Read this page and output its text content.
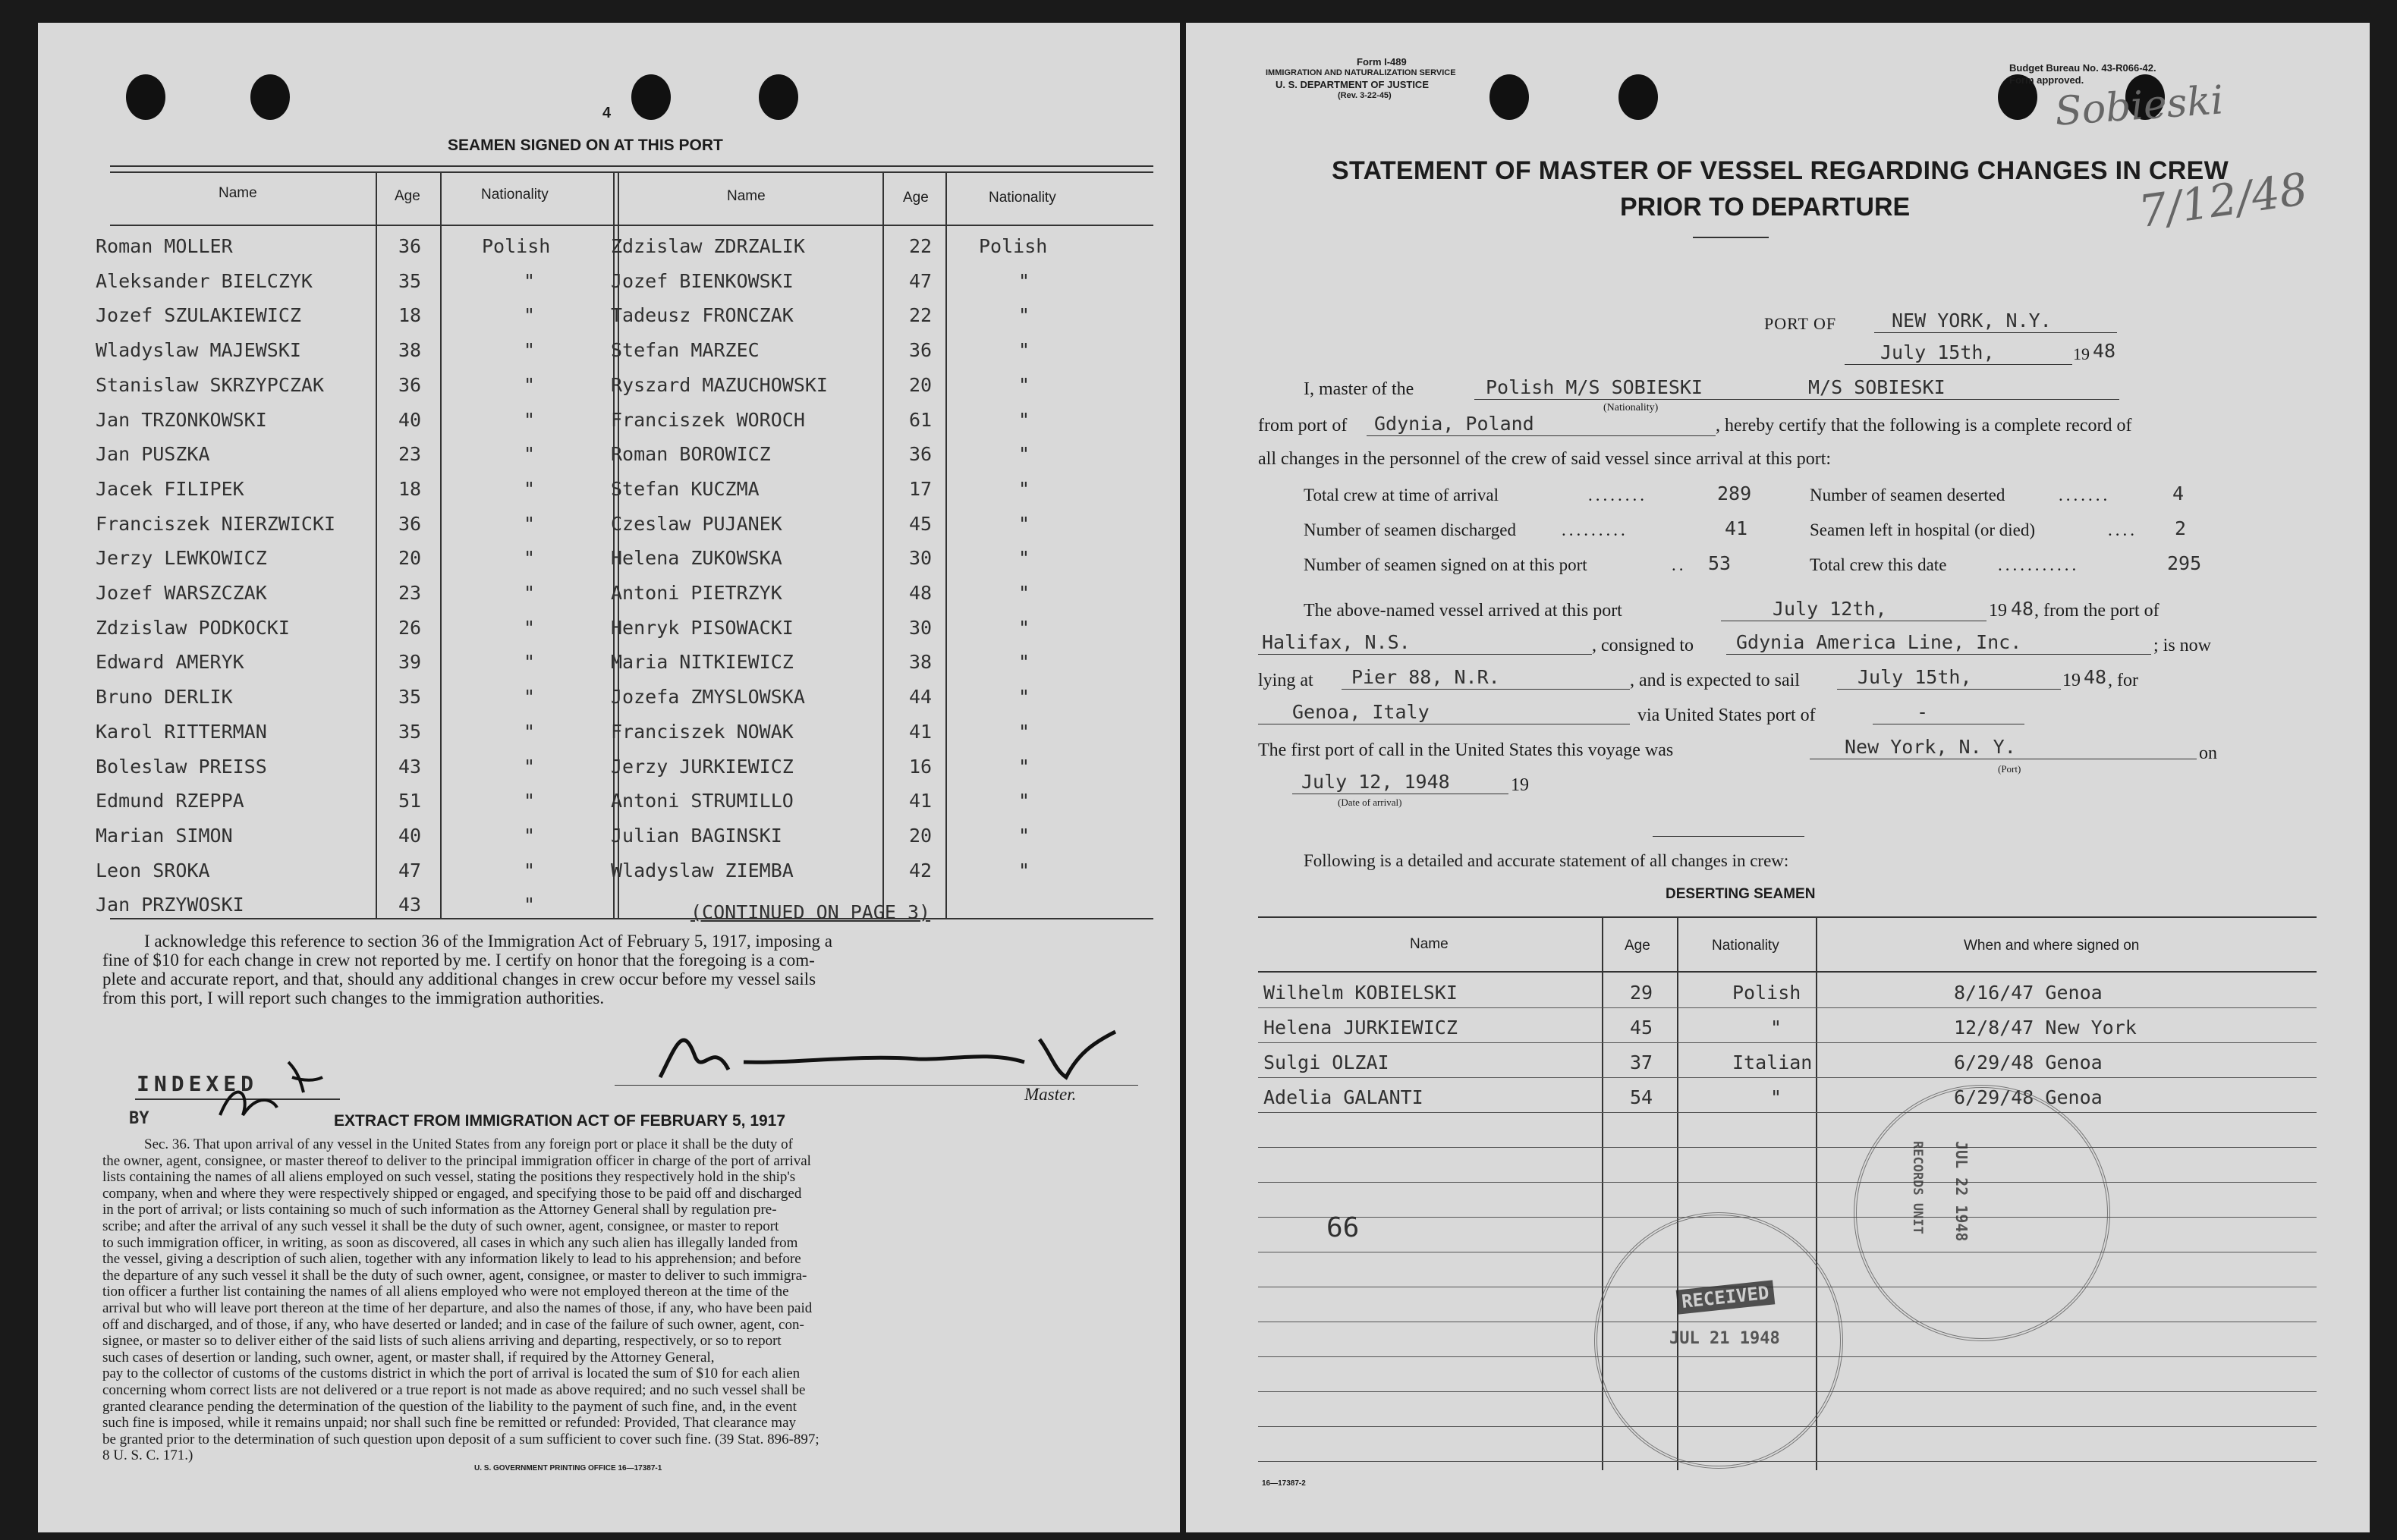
4
SEAMEN SIGNED ON AT THIS PORT
Name	Age	Nationality	Name	Age	Nationality
Roman MOLLER	36	Polish	Zdzislaw ZDRZALIK	22 Polish
Aleksander BIELCZYK	35	"	Jozef BIENKOWSKI	47	"
Jozef SZULAKIEWICZ	18	"	Tadeusz FRONCZAK	22	"
Wladyslaw MAJEWSKI	38	"	Stefan MARZEC	36	"
Stanislaw SKRZYPCZAK	36	"	Ryszard MAZUCHOWSKI	20	"
Jan TRZONKOWSKI	40	"	Franciszek WOROCH	61	"
Jan PUSZKA	23	"	Roman BOROWICZ	36	"
Jacek FILIPEK	18	"	Stefan KUCZMA	17	"
Franciszek NIERZWICKI	36	"	Czeslaw PUJANEK	45	"
Jerzy LEWKOWICZ	20	"	Helena ZUKOWSKA	30	"
Jozef WARSZCZAK	23	"	Antoni PIETRZYK	48	"
Zdzislaw PODKOCKI	26	"	Henryk PISOWACKI	30	"
Edward AMERYK	39	"	Maria NITKIEWICZ	38	"
Bruno DERLIK	35	"	Jozefa ZMYSLOWSKA	44	"
Karol RITTERMAN	35	"	Franciszek NOWAK	41	"
Boleslaw PREISS	43	"	Jerzy JURKIEWICZ	16	"
Edmund RZEPPA	51	"	Antoni STRUMILLO	41	"
Marian SIMON	40	"	Julian BAGINSKI	20	"
Leon SROKA	47	"	Wladyslaw ZIEMBA	42	"
Jan PRZYWOSKI	43	"	(CONTINUED ON PAGE 3)
I acknowledge this reference to section 36 of the Immigration Act of February 5, 1917, imposing a
fine of $10 for each change in crew not reported by me. I certify on honor that the foregoing is a com-
plete and accurate report, and that, should any additional changes in crew occur before my vessel sails
from this port, I will report such changes to the immigration authorities.
Master.
INDEXED
BY	EXTRACT FROM IMMIGRATION ACT OF FEBRUARY 5, 1917
Sec. 36. That upon arrival of any vessel in the United States from any foreign port or place it shall be the duty of
the owner, agent, consignee, or master thereof to deliver to the principal immigration officer in charge of the port of arrival
lists containing the names of all aliens employed on such vessel, stating the positions they respectively hold in the ship's
company, when and where they were respectively shipped or engaged, and specifying those to be paid off and discharged
in the port of arrival; or lists containing so much of such information as the Attorney General shall by regulation pre-
scribe; and after the arrival of any such vessel it shall be the duty of such owner, agent, consignee, or master to report
to such immigration officer, in writing, as soon as discovered, all cases in which any such alien has illegally landed from
the vessel, giving a description of such alien, together with any information likely to lead to his apprehension; and before
the departure of any such vessel it shall be the duty of such owner, agent, consignee, or master to deliver to such immigra-
tion officer a further list containing the names of all aliens employed who were not employed thereon at the time of the
arrival but who will leave port thereon at the time of her departure, and also the names of those, if any, who have been paid
off and discharged, and of those, if any, who have deserted or landed; and in case of the failure of such owner, agent, con-
signee, or master so to deliver either of the said lists of such aliens arriving and departing, respectively, or so to report
such cases of desertion or landing, such owner, agent, or master shall, if required by the Attorney General,
pay to the collector of customs of the customs district in which the port of arrival is located the sum of $10 for each alien
concerning whom correct lists are not delivered or a true report is not made as above required; and no such vessel shall be
granted clearance pending the determination of the question of the liability to the payment of such fine, and, in the event
such fine is imposed, while it remains unpaid; nor shall such fine be remitted or refunded: Provided, That clearance may
be granted prior to the determination of such question upon deposit of a sum sufficient to cover such fine. (39 Stat. 896-897;
8 U. S. C. 171.)
U. S. GOVERNMENT PRINTING OFFICE 16—17387-1
Form I-489
IMMIGRATION AND NATURALIZATION SERVICE
U. S. DEPARTMENT OF JUSTICE
(Rev. 3-22-45)
Budget Bureau No. 43-R066-42.
Form approved.
Sobieski
7/12/48
STATEMENT OF MASTER OF VESSEL REGARDING CHANGES IN CREW
PRIOR TO DEPARTURE
PORT OF	NEW YORK, N.Y.
July 15th,	19 48
I, master of the	Polish M/S SOBIESKI	M/S SOBIESKI
(Nationality)
from port of Gdynia, Poland	, hereby certify that the following is a complete record of
all changes in the personnel of the crew of said vessel since arrival at this port:
Total crew at time of arrival	........	289	Number of seamen deserted	.......	4
Number of seamen discharged	.........	41	Seamen left in hospital (or died)	.... 2
Number of seamen signed on at this port	.. 53	Total crew this date	...........	295
The above-named vessel arrived at this port	July 12th,	19 48 , from the port of
Halifax, N.S.	, consigned to Gdynia America Line, Inc.	; is now
lying at Pier 88, N.R.	, and is expected to sail	July 15th,	19 48 , for
Genoa, Italy	via United States port of	-
The first port of call in the United States this voyage was	New York, N. Y.
(Port)
on
July 12, 1948	19
(Date of arrival)
Following is a detailed and accurate statement of all changes in crew:
DESERTING SEAMEN
Name	Age	Nationality	When and where signed on
Wilhelm KOBIELSKI	29	Polish	8/16/47 Genoa
Helena JURKIEWICZ	45	"	12/8/47 New York
Sulgi OLZAI	37	Italian	6/29/48 Genoa
Adelia GALANTI	54	"	6/29/48 Genoa
66
RECEIVED
JUL 21 1948
JUL 22 1948
RECORDS UNIT
16—17387-2
